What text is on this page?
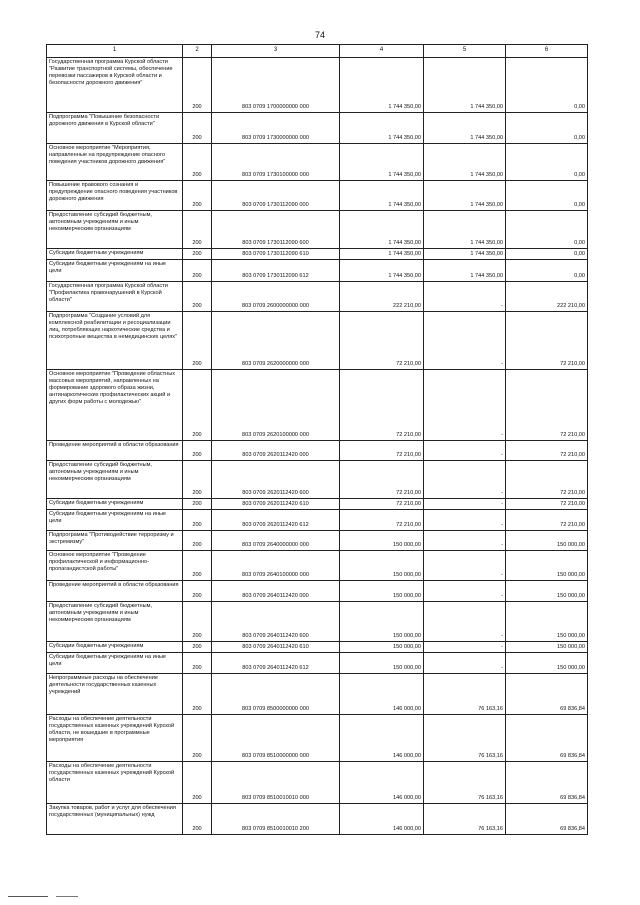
74
1	2	3	4	5	6
Государственная программа Курской области "Развитие транспортной системы, обеспечение перевозки пассажиров в Курской области и безопасности дорожного движения"	200	803 0709 1700000000 000	1 744 350,00	1 744 350,00	0,00
Подпрограмма "Повышение безопасности дорожного движения в Курской области"	200	803 0709 1730000000 000	1 744 350,00	1 744 350,00	0,00
Основное мероприятие "Мероприятия, направленные на предупреждение опасного поведения участников дорожного движения"	200	803 0709 1730100000 000	1 744 350,00	1 744 350,00	0,00
Повышение правового сознания и предупреждение опасного поведения участников дорожного движения	200	803 0709 1730112090 000	1 744 350,00	1 744 350,00	0,00
Предоставление субсидий бюджетным, автономным учреждениям и иным некоммерческим организациям	200	803 0709 1730112090 600	1 744 350,00	1 744 350,00	0,00
Субсидии бюджетным учреждениям	200	803 0709 1730112090 610	1 744 350,00	1 744 350,00	0,00
Субсидии бюджетным учреждениям на иные цели	200	803 0709 1730112090 612	1 744 350,00	1 744 350,00	0,00
Государственная программа Курской области "Профилактика правонарушений в Курской области"	200	803 0709 2600000000 000	222 210,00	-	222 210,00
Подпрограмма "Создание условий для комплексной реабилитации и ресоциализации лиц, потребляющих наркотические средства и психотропные вещества в немедицинских целях"	200	803 0709 2620000000 000	72 210,00	-	72 210,00
Основное мероприятие "Проведение областных массовых мероприятий, направленных на формирование здорового образа жизни, антинаркотических профилактических акций и других форм работы с молодежью"	200	803 0709 2620100000 000	72 210,00	-	72 210,00
Проведение мероприятий в области образования	200	803 0709 2620112420 000	72 210,00	-	72 210,00
Предоставление субсидий бюджетным, автономным учреждениям и иным некоммерческим организациям	200	803 0709 2620112420 600	72 210,00	-	72 210,00
Субсидии бюджетным учреждениям	200	803 0709 2620112420 610	72 210,00	-	72 210,00
Субсидии бюджетным учреждениям на иные цели	200	803 0709 2620112420 612	72 210,00	-	72 210,00
Подпрограмма "Противодействие терроризму и экстремизму"	200	803 0709 2640000000 000	150 000,00	-	150 000,00
Основное мероприятие "Проведение профилактической и информационно-пропагандистской работы"	200	803 0709 2640100000 000	150 000,00	-	150 000,00
Проведение мероприятий в области образования	200	803 0709 2640112420 000	150 000,00	-	150 000,00
Предоставление субсидий бюджетным, автономным учреждениям и иным некоммерческим организациям	200	803 0709 2640112420 600	150 000,00	-	150 000,00
Субсидии бюджетным учреждениям	200	803 0709 2640112420 610	150 000,00	-	150 000,00
Субсидии бюджетным учреждениям на иные цели	200	803 0709 2640112420 612	150 000,00	-	150 000,00
Непрограммные расходы на обеспечение деятельности государственных казенных учреждений	200	803 0709 8500000000 000	146 000,00	76 163,16	69 836,84
Расходы на обеспечение деятельности государственных казенных учреждений Курской области, не вошедшие в программные мероприятия	200	803 0709 8510000000 000	146 000,00	76 163,16	69 836,84
Расходы на обеспечение деятельности государственных казенных учреждений Курской области	200	803 0709 8510010010 000	146 000,00	76 163,16	69 836,84
Закупка товаров, работ и услуг для обеспечения государственных (муниципальных) нужд	200	803 0709 8510010010 200	146 000,00	76 163,16	69 836,84
